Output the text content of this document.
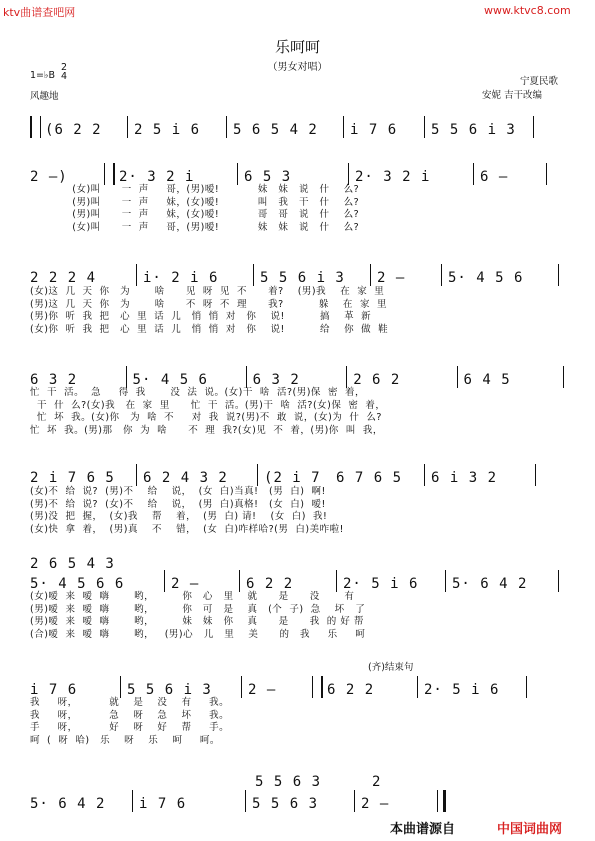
ktv曲谱查吧网	www.ktvc8.com
乐呵呵
（男女对唱）
1=♭B
2
4
风趣地
宁夏民歌
安妮 吉干改编
(6 2 2	2 5 i 6	5 6 5 4 2	i 7 6	5 5 6 i 3
2 —)	2· 3 2 i	6 5 3	2· 3 2 i	6 —
(女)叫      一  声     哥，(男)嗳!           妹   妹   说   什    么?
(男)叫      一  声     妹，(女)嗳!           叫   我   干   什    么?
(男)叫      一  声     妹，(女)嗳!           哥   哥   说   什    么?
(女)叫      一  声     哥，(男)嗳!           妹   妹   说   什    么?
2 2 2 4	i· 2 i 6	5 5 6 i 3	2 —	5· 4 5 6
(女)这  几  天  你   为       啥      见  呀  见  不      着?    (男)我    在  家  里
(男)这  几  天  你   为       啥      不  呀  不  理      我?          躲    在  家  里
(男)你  听  我  把   心  里  话  儿   悄  悄  对   你    说!          搞    革  新
(女)你  听  我  把   心  里  话  儿   悄  悄  对   你    说!          给    你  做  鞋
6 3 2	5· 4 5 6	6 3 2	2 6 2	6 4 5
忙  干  活。  急     得  我       没  法  说。(女)干  啥  活?(男)保  密  着，
干  什  么?(女)我   在  家  里      忙  干  活。(男)干  啥  活?(女)保  密  着，
忙  坏  我。(女)你   为  啥  不     对  我  说?(男)不  敢  说，(女)为  什  么?
忙  坏  我。(男)那   你  为  啥      不  理  我?(女)见  不  着，(男)你  叫  我，
2 i 7 6 5	6 2 4 3 2	(2 i 7	6 7 6 5	6 i 3 2
(女)不  给  说?  (男)不    给    说，  (女  白)当真!   (男  白)  啊!
(男)不  给  说?  (女)不    给    说，  (男  白)真格!   (女  白)  嗳!
(男)没  把  握，  (女)我    帮    着，  (男  白) 请!    (女  白)  我!
(女)快  拿  着，  (男)真    不    错，  (女  白)咋样哈?(男  白)美咋啦!
2 6 5 4 3
5· 4 5 6 6	2 —	6 2 2	2· 5 i 6	5· 6 4 2
(女)嗳  来  嗳  嗨       哟，        你   心   里    就      是      没       有
(男)嗳  来  嗳  嗨       哟，        你   可   是    真   (个  子)  急    坏   了
(男)嗳  来  嗳  嗨       哟，        妹   妹   你    真      是      我  的 好 帮
(合)嗳  来  嗳  嗨       哟，   (男)心   儿   里    美      的   我     乐     呵
(齐)结束句
i 7 6	5 5 6 i 3	2 —	6 2 2	2· 5 i 6
我     呀，         就    是    没    有     我。
我     呀，         急    呀    急    坏     我。
手     呀，         好    呀    好    帮     手。
呵  (  呀  哈)   乐    呀    乐    呵     呵。
5 5 6 3	2
5· 6 4 2	i 7 6	5 5 6 3	2 —
本曲谱源自	中国词曲网
